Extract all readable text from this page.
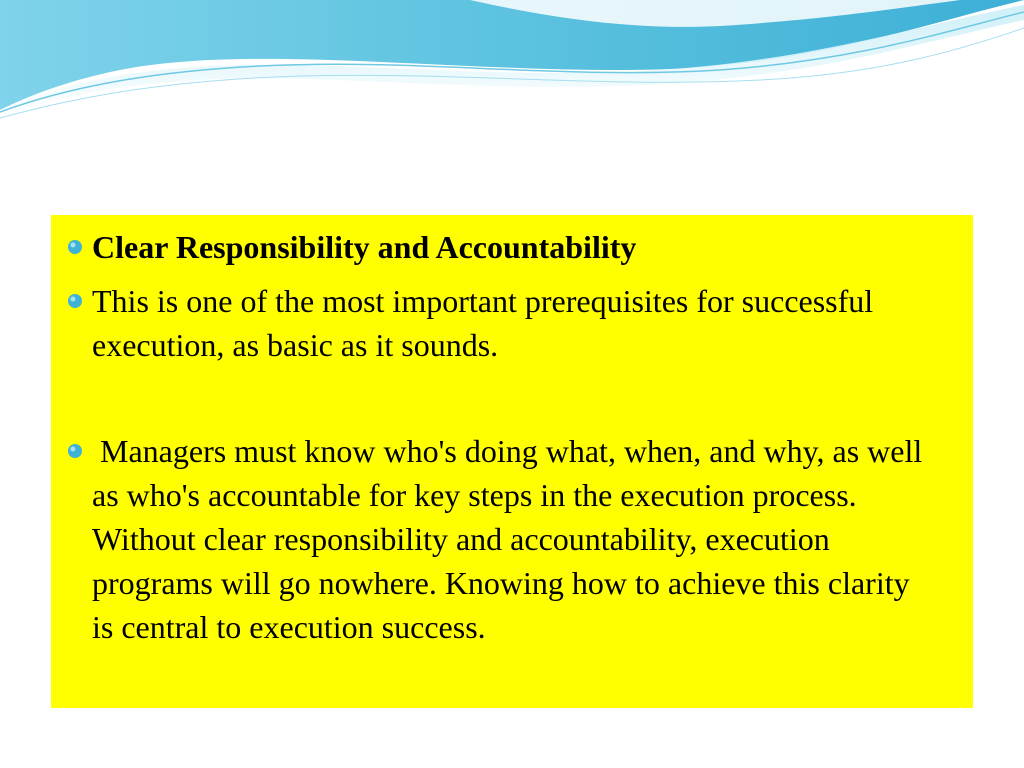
Clear Responsibility and Accountability
This is one of the most important prerequisites for successful execution, as basic as it sounds.
Managers must know who's doing what, when, and why, as well as who's accountable for key steps in the execution process. Without clear responsibility and accountability, execution programs will go nowhere. Knowing how to achieve this clarity is central to execution success.
